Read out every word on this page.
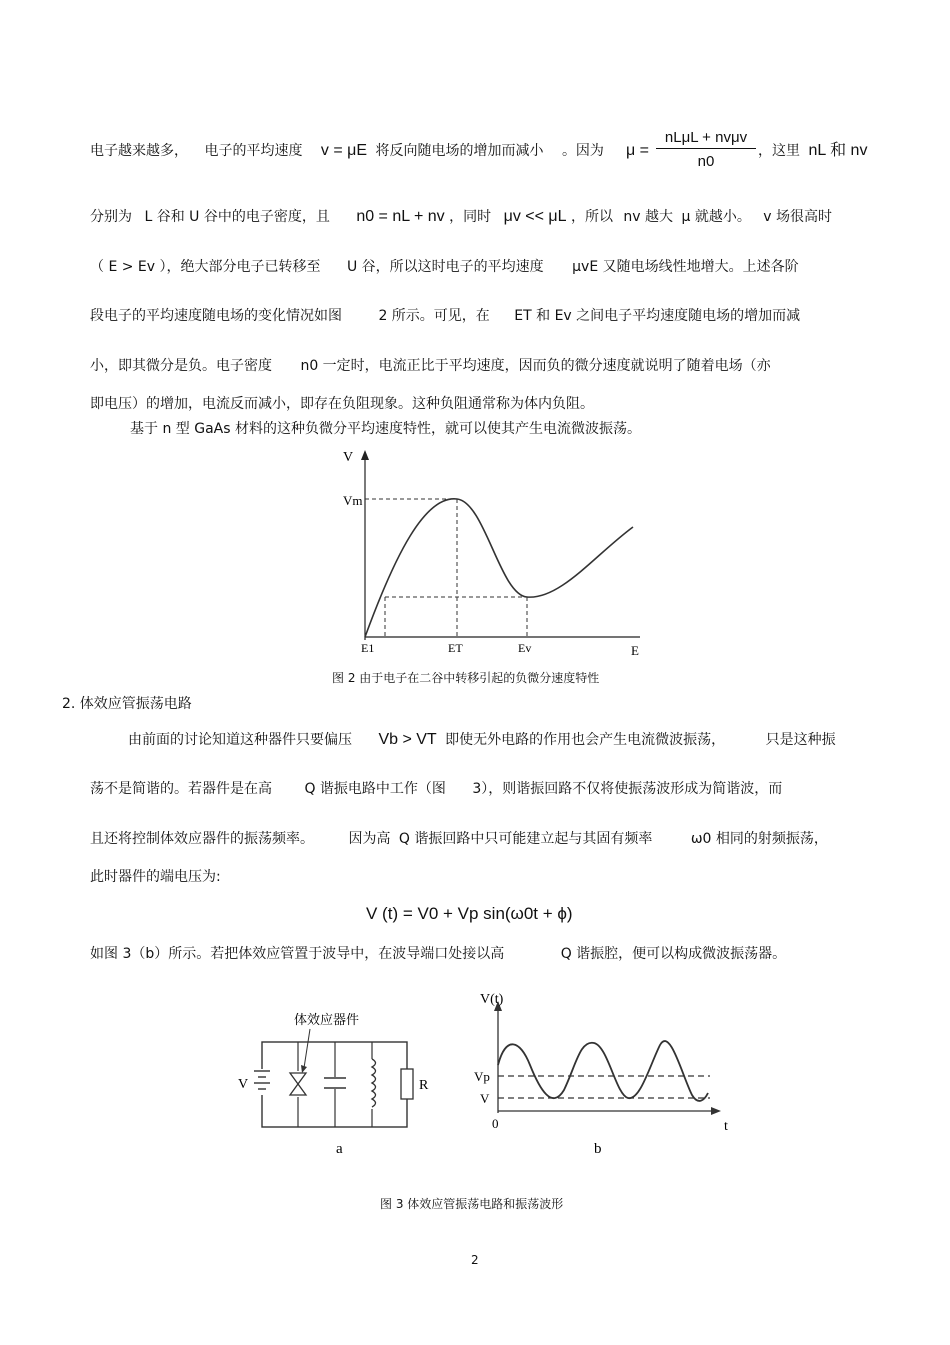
电子越来越多， 电子的平均速度 v = μE 将反向随电场的增加而减小 。因为 μ =
nLμL + nvμv
n0
，这里 nL 和 nv
分别为 L 谷和 U 谷中的电子密度，且 n0 = nL + nv ，同时 μv << μL ，所以 nv 越大 μ 就越小。 v 场很高时
（ E > Ev ），绝大部分电子已转移至 U 谷，所以这时电子的平均速度 μvE 又随电场线性地增大。上述各阶
段电子的平均速度随电场的变化情况如图	2 所示。可见，在 ET 和 Ev 之间电子平均速度随电场的增加而减
小，即其微分是负。电子密度 n0 一定时，电流正比于平均速度，因而负的微分速度就说明了随着电场（亦
即电压）的增加，电流反而减小，即存在负阻现象。这种负阻通常称为体内负阻。
基于 n 型 GaAs 材料的这种负微分平均速度特性，就可以使其产生电流微波振荡。
V
E
Vm
E1	ET	Ev
图 2 由于电子在二谷中转移引起的负微分速度特性
2. 体效应管振荡电路
由前面的讨论知道这种器件只要偏压 Vb > VT 即使无外电路的作用也会产生电流微波振荡，	只是这种振
荡不是简谐的。若器件是在高 Q 谐振电路中工作（图 3），则谐振回路不仅将使振荡波形成为简谐波，而
且还将控制体效应器件的振荡频率。 因为高 Q 谐振回路中只可能建立起与其固有频率	ω0 相同的射频振荡，
此时器件的端电压为:
V (t) = V0 + Vp sin(ω0t + ϕ)
如图 3（b）所示。若把体效应管置于波导中，在波导端口处接以高	Q 谐振腔，便可以构成微波振荡器。
V
体效应器件
R
a
V(t)
Vp
V
0	t
b
图 3 体效应管振荡电路和振荡波形
2
